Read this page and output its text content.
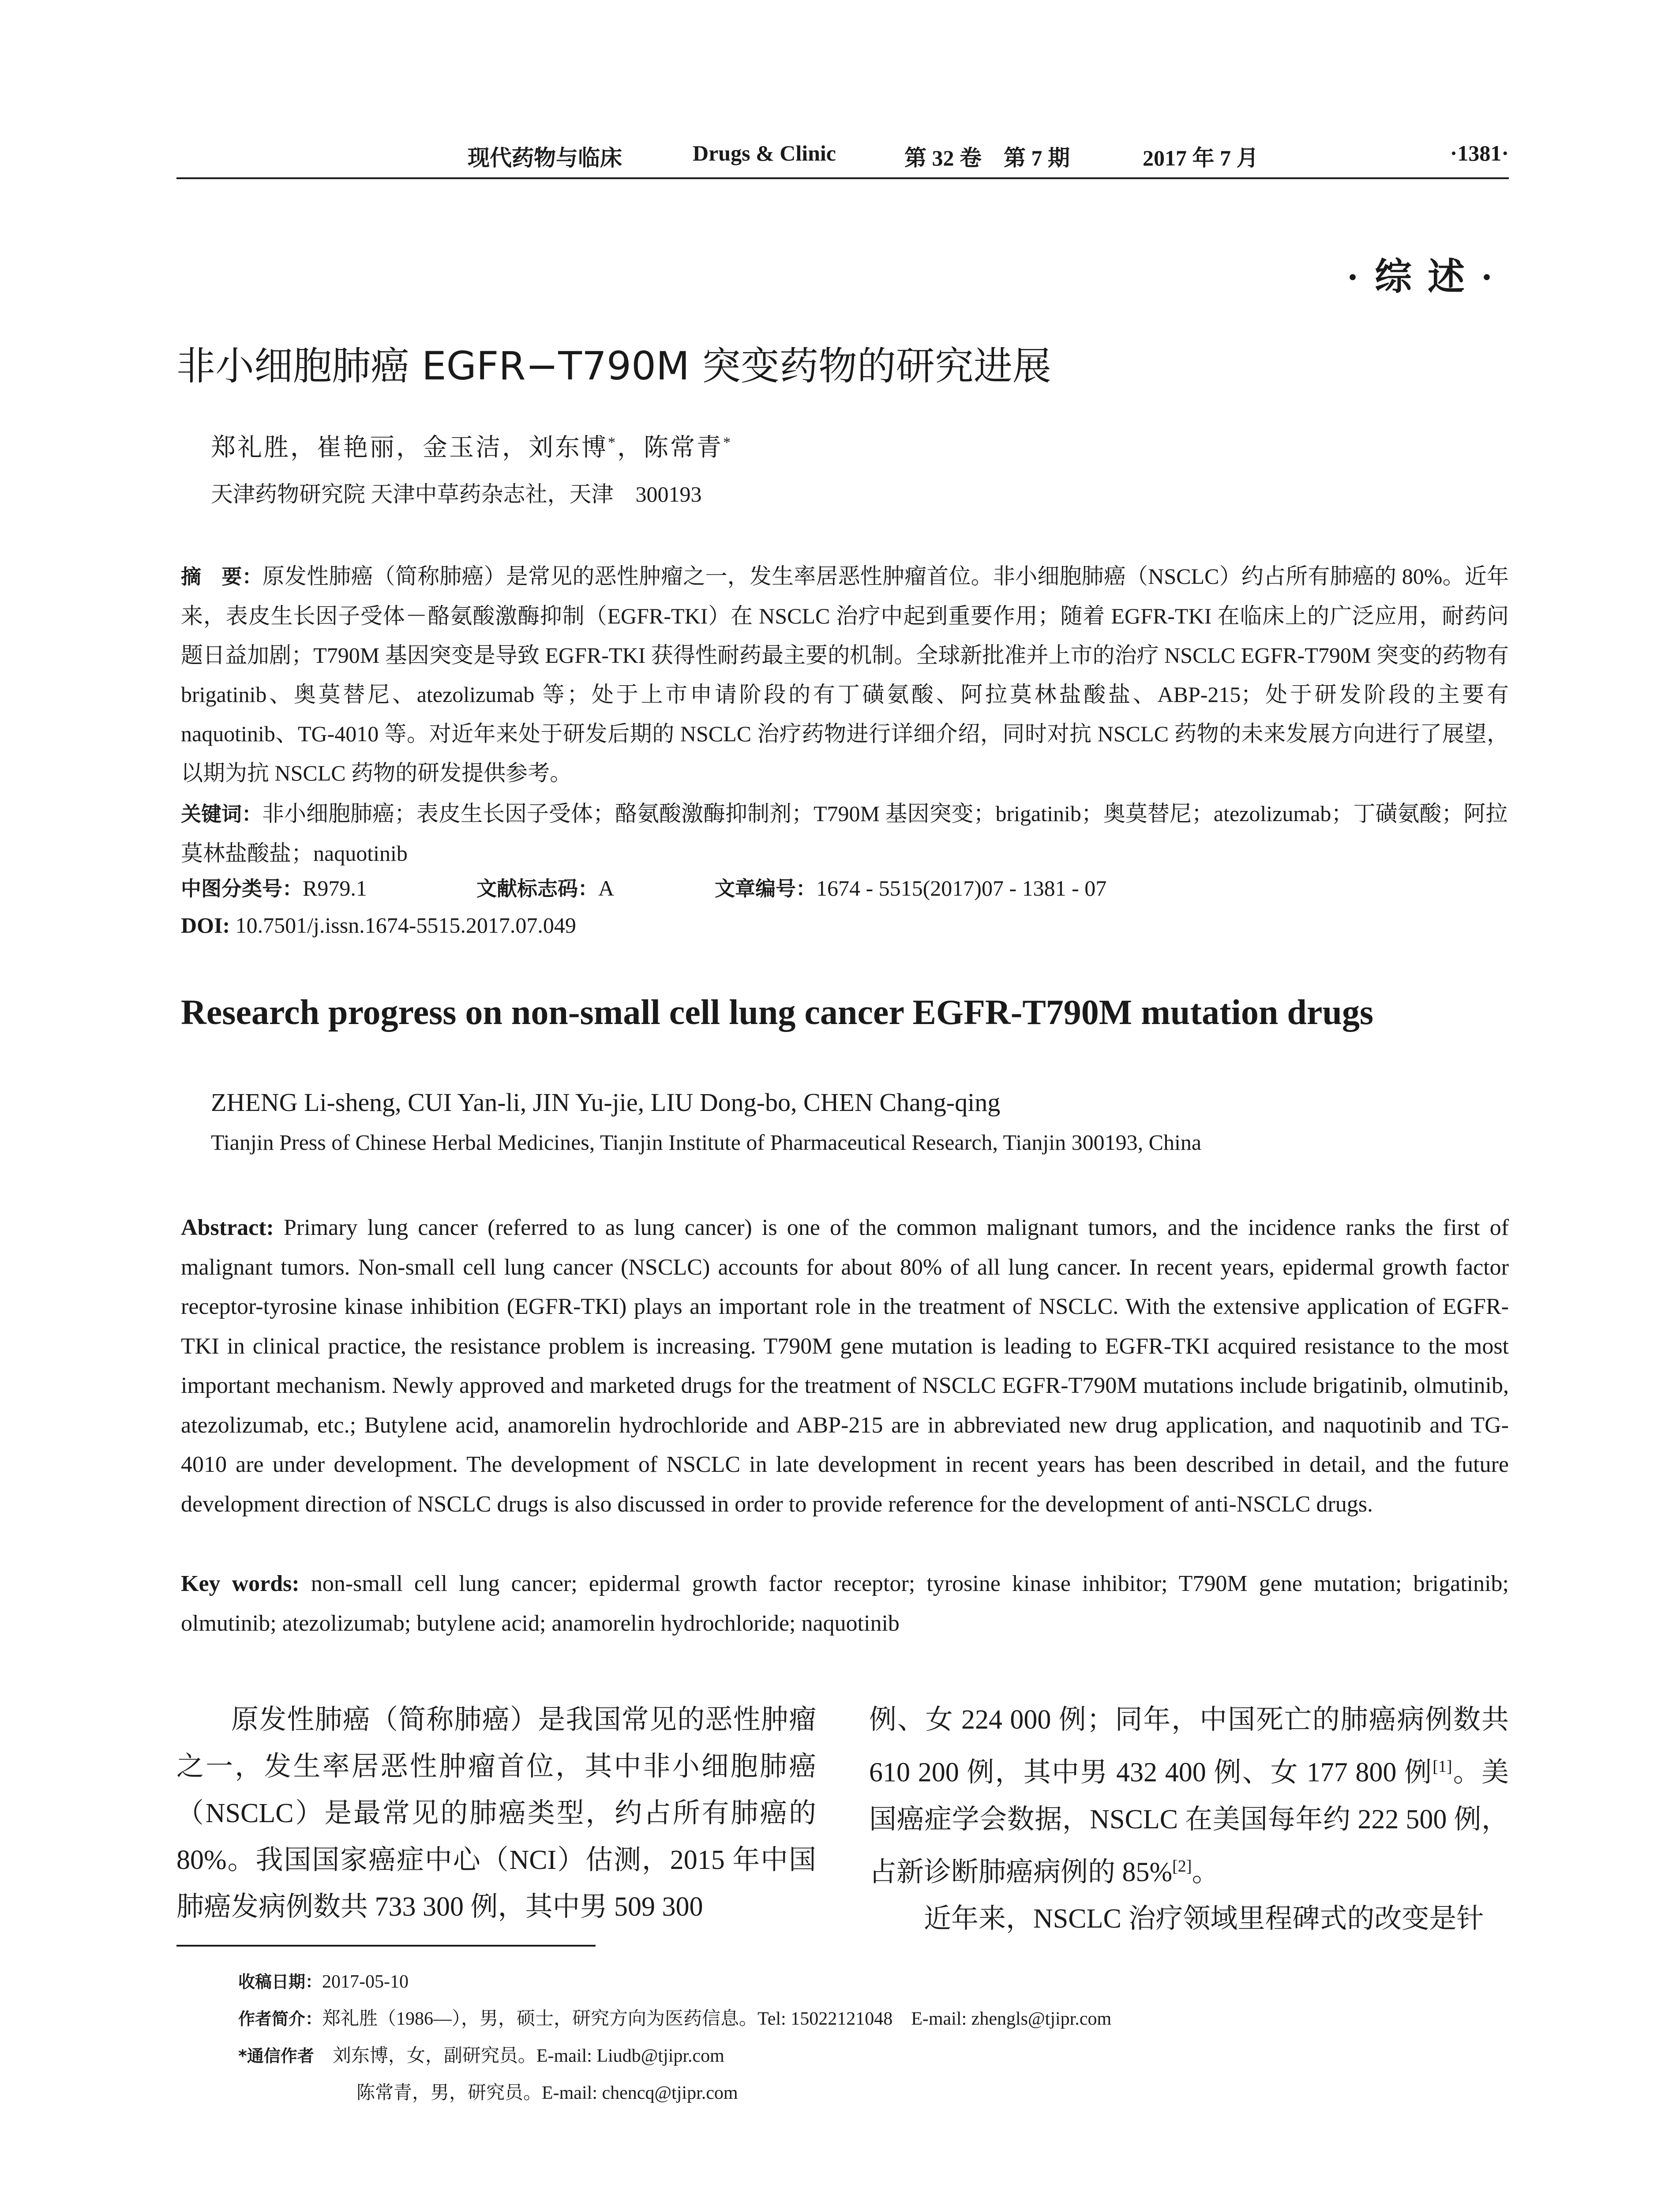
现代药物与临床	Drugs & Clinic	第 32 卷　第 7 期	2017 年 7 月	·1381·
·综述·
非小细胞肺癌 EGFR−T790M 突变药物的研究进展
郑礼胜，崔艳丽，金玉洁，刘东博*，陈常青*
天津药物研究院 天津中草药杂志社，天津　300193
摘　要：原发性肺癌（简称肺癌）是常见的恶性肿瘤之一，发生率居恶性肿瘤首位。非小细胞肺癌（NSCLC）约占所有肺癌的 80%。近年来，表皮生长因子受体－酪氨酸激酶抑制（EGFR-TKI）在 NSCLC 治疗中起到重要作用；随着 EGFR-TKI 在临床上的广泛应用，耐药问题日益加剧；T790M 基因突变是导致 EGFR-TKI 获得性耐药最主要的机制。全球新批准并上市的治疗 NSCLC EGFR-T790M 突变的药物有 brigatinib、奥莫替尼、atezolizumab 等；处于上市申请阶段的有丁磺氨酸、阿拉莫林盐酸盐、ABP-215；处于研发阶段的主要有 naquotinib、TG-4010 等。对近年来处于研发后期的 NSCLC 治疗药物进行详细介绍，同时对抗 NSCLC 药物的未来发展方向进行了展望，以期为抗 NSCLC 药物的研发提供参考。
关键词：非小细胞肺癌；表皮生长因子受体；酪氨酸激酶抑制剂；T790M 基因突变；brigatinib；奥莫替尼；atezolizumab；丁磺氨酸；阿拉莫林盐酸盐；naquotinib
中图分类号：R979.1	文献标志码：A	文章编号：1674 - 5515(2017)07 - 1381 - 07
DOI: 10.7501/j.issn.1674-5515.2017.07.049
Research progress on non-small cell lung cancer EGFR-T790M mutation drugs
ZHENG Li-sheng, CUI Yan-li, JIN Yu-jie, LIU Dong-bo, CHEN Chang-qing
Tianjin Press of Chinese Herbal Medicines, Tianjin Institute of Pharmaceutical Research, Tianjin 300193, China
Abstract: Primary lung cancer (referred to as lung cancer) is one of the common malignant tumors, and the incidence ranks the first of malignant tumors. Non-small cell lung cancer (NSCLC) accounts for about 80% of all lung cancer. In recent years, epidermal growth factor receptor-tyrosine kinase inhibition (EGFR-TKI) plays an important role in the treatment of NSCLC. With the extensive application of EGFR-TKI in clinical practice, the resistance problem is increasing. T790M gene mutation is leading to EGFR-TKI acquired resistance to the most important mechanism. Newly approved and marketed drugs for the treatment of NSCLC EGFR-T790M mutations include brigatinib, olmutinib, atezolizumab, etc.; Butylene acid, anamorelin hydrochloride and ABP-215 are in abbreviated new drug application, and naquotinib and TG-4010 are under development. The development of NSCLC in late development in recent years has been described in detail, and the future development direction of NSCLC drugs is also discussed in order to provide reference for the development of anti-NSCLC drugs.
Key words: non-small cell lung cancer; epidermal growth factor receptor; tyrosine kinase inhibitor; T790M gene mutation; brigatinib; olmutinib; atezolizumab; butylene acid; anamorelin hydrochloride; naquotinib

原发性肺癌（简称肺癌）是我国常见的恶性肿瘤之一，发生率居恶性肿瘤首位，其中非小细胞肺癌（NSCLC）是最常见的肺癌类型，约占所有肺癌的 80%。我国国家癌症中心（NCI）估测，2015 年中国肺癌发病例数共 733 300 例，其中男 509 300

例、女 224 000 例；同年，中国死亡的肺癌病例数共 610 200 例，其中男 432 400 例、女 177 800 例[1]。美国癌症学会数据，NSCLC 在美国每年约 222 500 例，占新诊断肺癌病例的 85%[2]。

近年来，NSCLC 治疗领域里程碑式的改变是针

收稿日期：2017-05-10
作者简介：郑礼胜（1986—），男，硕士，研究方向为医药信息。Tel: 15022121048　E-mail: zhengls@tjipr.com
*通信作者　 刘东博，女，副研究员。E-mail: Liudb@tjipr.com
陈常青，男，研究员。E-mail: chencq@tjipr.com
